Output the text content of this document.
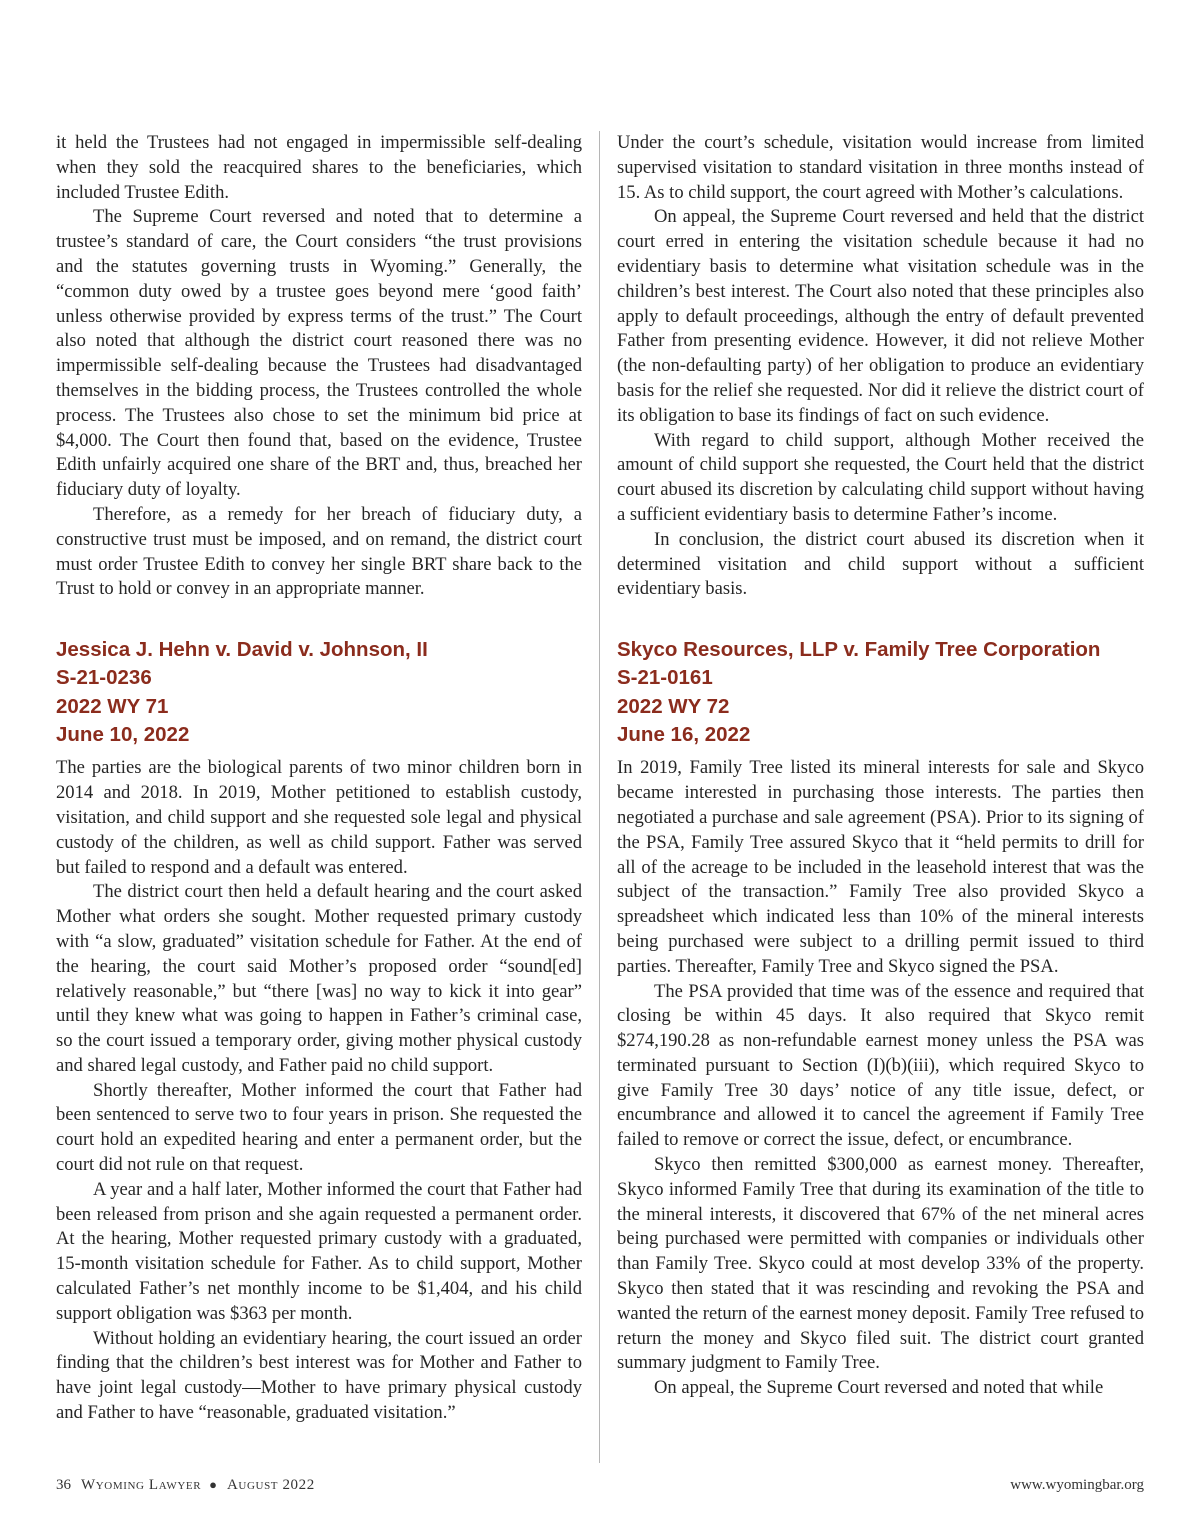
it held the Trustees had not engaged in impermissible self-dealing when they sold the reacquired shares to the beneficiaries, which included Trustee Edith.

The Supreme Court reversed and noted that to determine a trustee’s standard of care, the Court considers “the trust provisions and the statutes governing trusts in Wyoming.” Generally, the “common duty owed by a trustee goes beyond mere ‘good faith’ unless otherwise provided by express terms of the trust.” The Court also noted that although the district court reasoned there was no impermissible self-dealing because the Trustees had disadvantaged themselves in the bidding process, the Trustees controlled the whole process. The Trustees also chose to set the minimum bid price at $4,000. The Court then found that, based on the evidence, Trustee Edith unfairly acquired one share of the BRT and, thus, breached her fiduciary duty of loyalty.

Therefore, as a remedy for her breach of fiduciary duty, a constructive trust must be imposed, and on remand, the district court must order Trustee Edith to convey her single BRT share back to the Trust to hold or convey in an appropriate manner.

Jessica J. Hehn v. David v. Johnson, II
S-21-0236
2022 WY 71
June 10, 2022

The parties are the biological parents of two minor children born in 2014 and 2018. In 2019, Mother petitioned to establish custody, visitation, and child support and she requested sole legal and physical custody of the children, as well as child support. Father was served but failed to respond and a default was entered.

The district court then held a default hearing and the court asked Mother what orders she sought. Mother requested primary custody with “a slow, graduated” visitation schedule for Father. At the end of the hearing, the court said Mother’s proposed order “sound[ed] relatively reasonable,” but “there [was] no way to kick it into gear” until they knew what was going to happen in Father’s criminal case, so the court issued a temporary order, giving mother physical custody and shared legal custody, and Father paid no child support.

Shortly thereafter, Mother informed the court that Father had been sentenced to serve two to four years in prison. She requested the court hold an expedited hearing and enter a permanent order, but the court did not rule on that request.

A year and a half later, Mother informed the court that Father had been released from prison and she again requested a permanent order. At the hearing, Mother requested primary custody with a graduated, 15-month visitation schedule for Father. As to child support, Mother calculated Father’s net monthly income to be $1,404, and his child support obligation was $363 per month.

Without holding an evidentiary hearing, the court issued an order finding that the children’s best interest was for Mother and Father to have joint legal custody—Mother to have primary physical custody and Father to have “reasonable, graduated visitation.”

Under the court’s schedule, visitation would increase from limited supervised visitation to standard visitation in three months instead of 15. As to child support, the court agreed with Mother’s calculations.

On appeal, the Supreme Court reversed and held that the district court erred in entering the visitation schedule because it had no evidentiary basis to determine what visitation schedule was in the children’s best interest. The Court also noted that these principles also apply to default proceedings, although the entry of default prevented Father from presenting evidence. However, it did not relieve Mother (the non-defaulting party) of her obligation to produce an evidentiary basis for the relief she requested. Nor did it relieve the district court of its obligation to base its findings of fact on such evidence.

With regard to child support, although Mother received the amount of child support she requested, the Court held that the district court abused its discretion by calculating child support without having a sufficient evidentiary basis to determine Father’s income.

In conclusion, the district court abused its discretion when it determined visitation and child support without a sufficient evidentiary basis.

Skyco Resources, LLP v. Family Tree Corporation
S-21-0161
2022 WY 72
June 16, 2022

In 2019, Family Tree listed its mineral interests for sale and Skyco became interested in purchasing those interests. The parties then negotiated a purchase and sale agreement (PSA). Prior to its signing of the PSA, Family Tree assured Skyco that it “held permits to drill for all of the acreage to be included in the leasehold interest that was the subject of the transaction.” Family Tree also provided Skyco a spreadsheet which indicated less than 10% of the mineral interests being purchased were subject to a drilling permit issued to third parties. Thereafter, Family Tree and Skyco signed the PSA.

The PSA provided that time was of the essence and required that closing be within 45 days. It also required that Skyco remit $274,190.28 as non-refundable earnest money unless the PSA was terminated pursuant to Section (I)(b)(iii), which required Skyco to give Family Tree 30 days’ notice of any title issue, defect, or encumbrance and allowed it to cancel the agreement if Family Tree failed to remove or correct the issue, defect, or encumbrance.

Skyco then remitted $300,000 as earnest money. Thereafter, Skyco informed Family Tree that during its examination of the title to the mineral interests, it discovered that 67% of the net mineral acres being purchased were permitted with companies or individuals other than Family Tree. Skyco could at most develop 33% of the property. Skyco then stated that it was rescinding and revoking the PSA and wanted the return of the earnest money deposit. Family Tree refused to return the money and Skyco filed suit. The district court granted summary judgment to Family Tree.

On appeal, the Supreme Court reversed and noted that while

36 Wyoming Lawyer ● August 2022	www.wyomingbar.org
